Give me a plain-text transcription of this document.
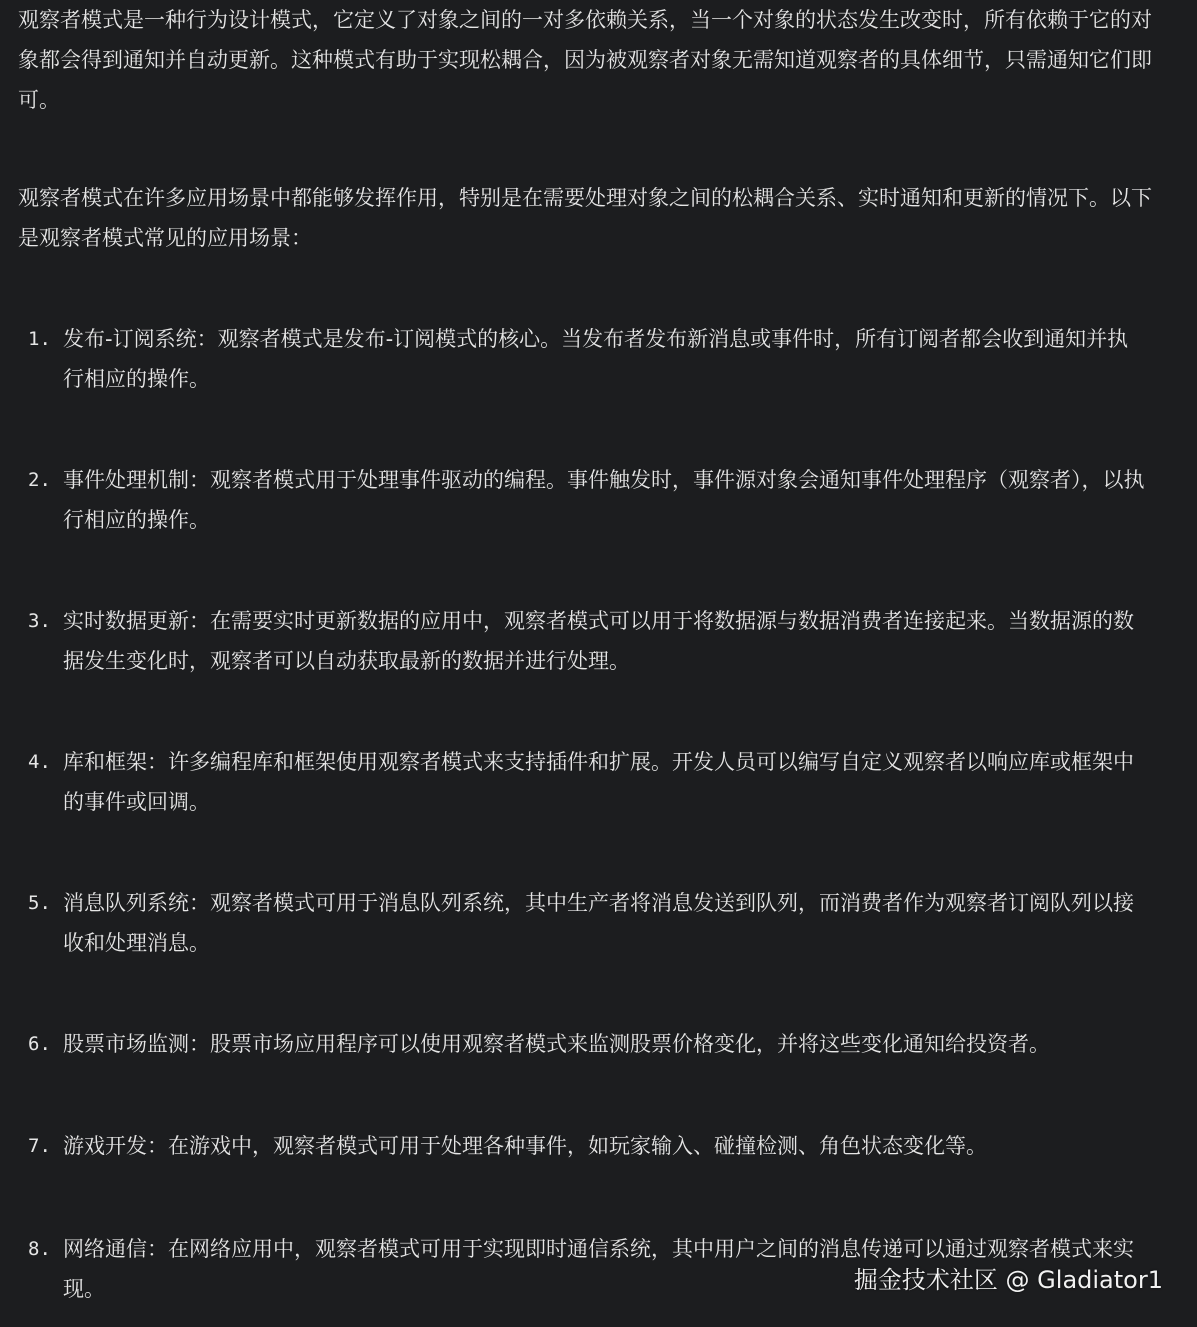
观察者模式是一种行为设计模式，它定义了对象之间的一对多依赖关系，当一个对象的状态发生改变时，所有依赖于它的对象都会得到通知并自动更新。这种模式有助于实现松耦合，因为被观察者对象无需知道观察者的具体细节，只需通知它们即可。

观察者模式在许多应用场景中都能够发挥作用，特别是在需要处理对象之间的松耦合关系、实时通知和更新的情况下。以下是观察者模式常见的应用场景：

1. 发布-订阅系统：观察者模式是发布-订阅模式的核心。当发布者发布新消息或事件时，所有订阅者都会收到通知并执行相应的操作。
2. 事件处理机制：观察者模式用于处理事件驱动的编程。事件触发时，事件源对象会通知事件处理程序（观察者），以执行相应的操作。
3. 实时数据更新：在需要实时更新数据的应用中，观察者模式可以用于将数据源与数据消费者连接起来。当数据源的数据发生变化时，观察者可以自动获取最新的数据并进行处理。
4. 库和框架：许多编程库和框架使用观察者模式来支持插件和扩展。开发人员可以编写自定义观察者以响应库或框架中的事件或回调。
5. 消息队列系统：观察者模式可用于消息队列系统，其中生产者将消息发送到队列，而消费者作为观察者订阅队列以接收和处理消息。
6. 股票市场监测：股票市场应用程序可以使用观察者模式来监测股票价格变化，并将这些变化通知给投资者。
7. 游戏开发：在游戏中，观察者模式可用于处理各种事件，如玩家输入、碰撞检测、角色状态变化等。
8. 网络通信：在网络应用中，观察者模式可用于实现即时通信系统，其中用户之间的消息传递可以通过观察者模式来实现。	掘金技术社区 @ Gladiator1
